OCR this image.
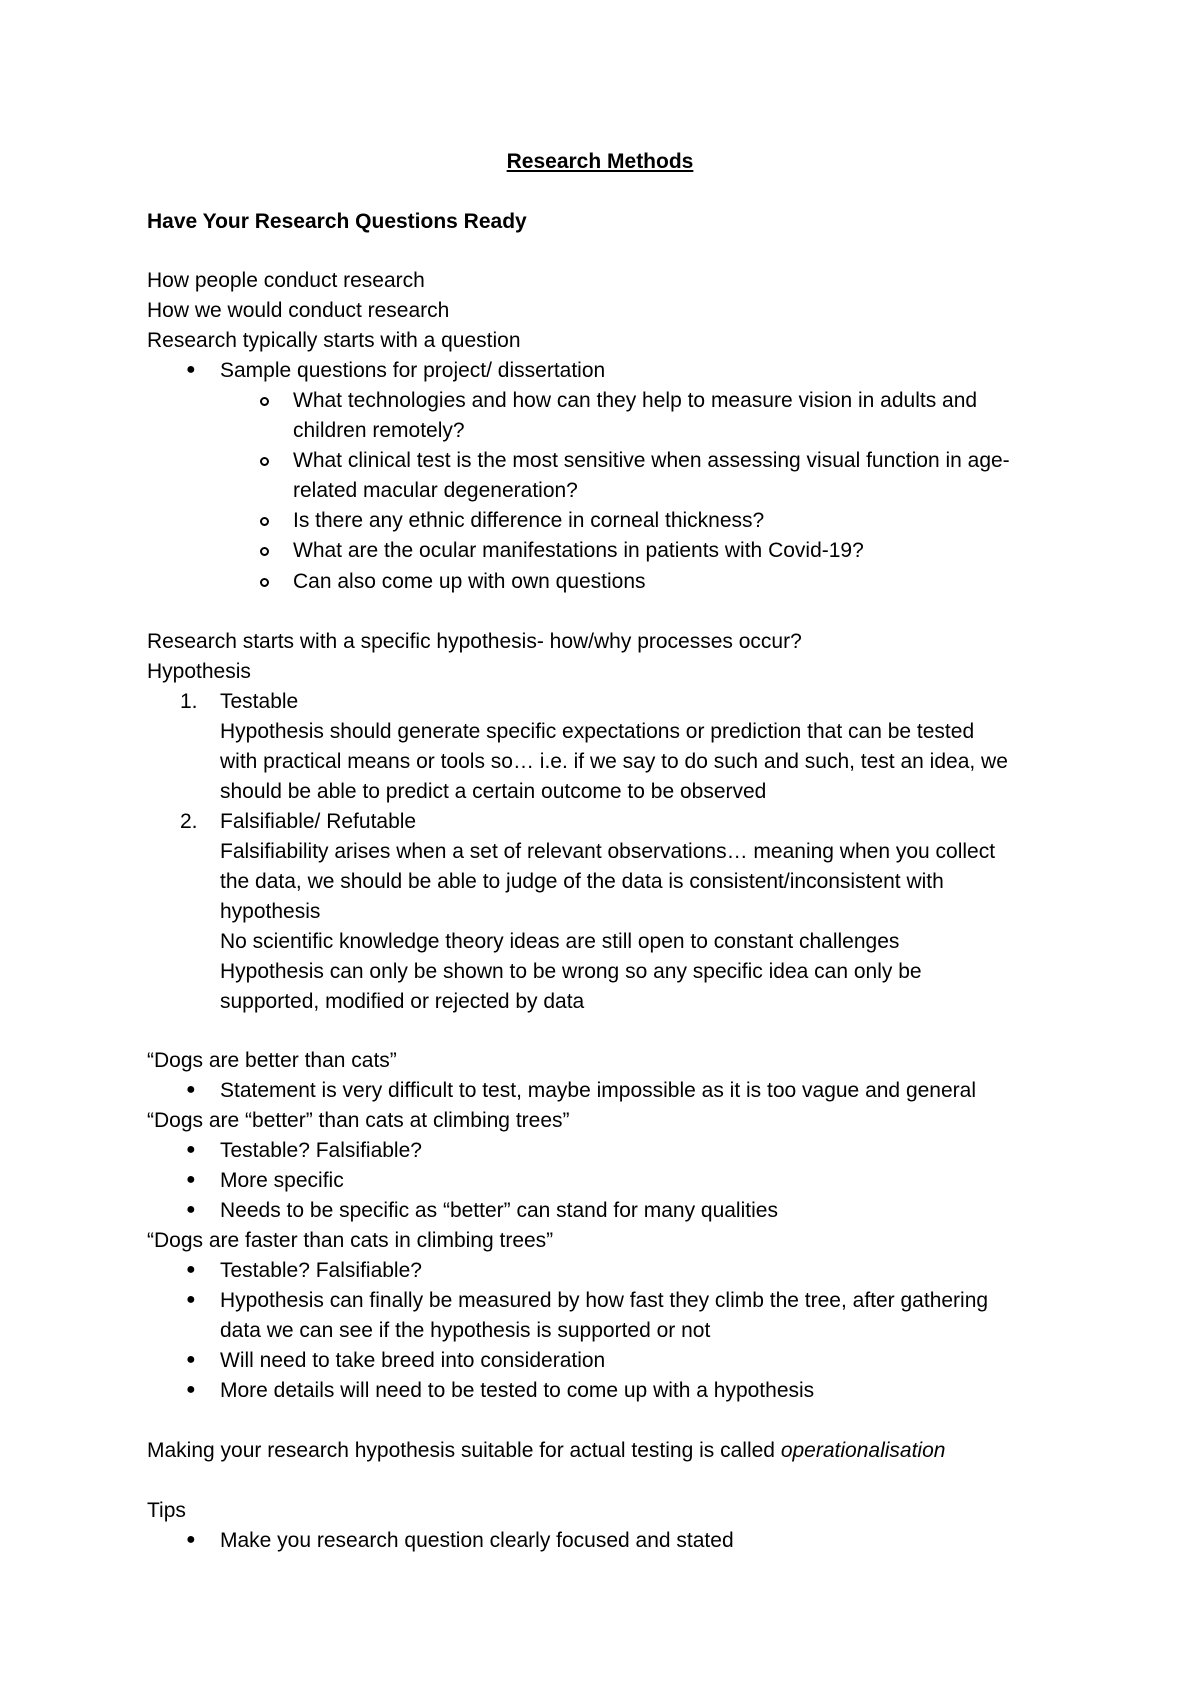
Research Methods
Have Your Research Questions Ready
How people conduct research
How we would conduct research
Research typically starts with a question
● Sample questions for project/ dissertation
What technologies and how can they help to measure vision in adults and
children remotely?
What clinical test is the most sensitive when assessing visual function in age-
related macular degeneration?
Is there any ethnic difference in corneal thickness?
What are the ocular manifestations in patients with Covid-19?
Can also come up with own questions
Research starts with a specific hypothesis- how/why processes occur?
Hypothesis
1. Testable
Hypothesis should generate specific expectations or prediction that can be tested
with practical means or tools so… i.e. if we say to do such and such, test an idea, we
should be able to predict a certain outcome to be observed
2. Falsifiable/ Refutable
Falsifiability arises when a set of relevant observations… meaning when you collect
the data, we should be able to judge of the data is consistent/inconsistent with
hypothesis
No scientific knowledge theory ideas are still open to constant challenges
Hypothesis can only be shown to be wrong so any specific idea can only be
supported, modified or rejected by data
“Dogs are better than cats”
● Statement is very difficult to test, maybe impossible as it is too vague and general
“Dogs are “better” than cats at climbing trees”
● Testable? Falsifiable?
● More specific
● Needs to be specific as “better” can stand for many qualities
“Dogs are faster than cats in climbing trees”
● Testable? Falsifiable?
● Hypothesis can finally be measured by how fast they climb the tree, after gathering
data we can see if the hypothesis is supported or not
● Will need to take breed into consideration
● More details will need to be tested to come up with a hypothesis
Making your research hypothesis suitable for actual testing is called operationalisation
Tips
● Make you research question clearly focused and stated
